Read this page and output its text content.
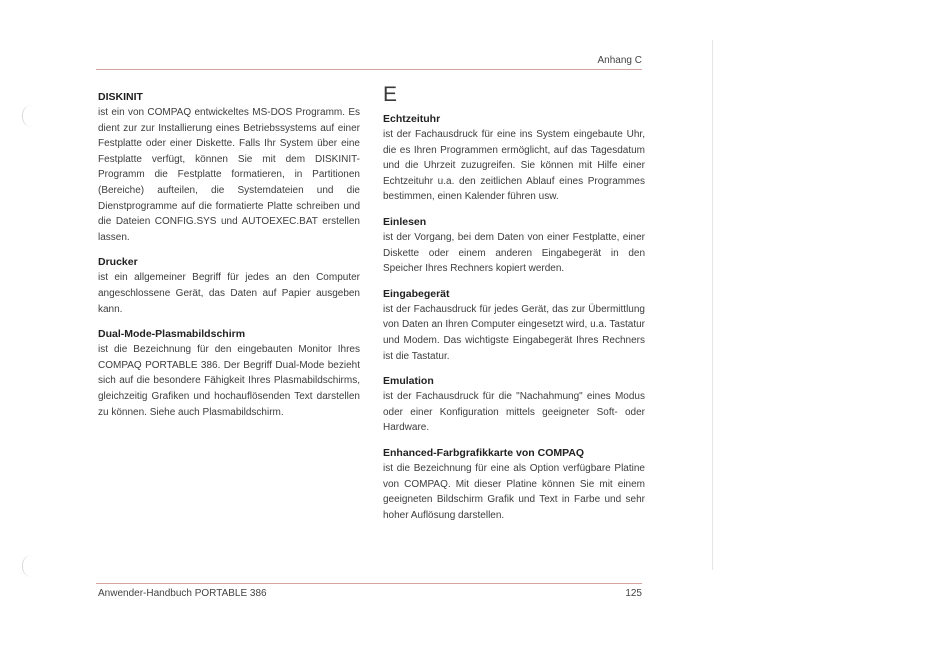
Anhang C

DISKINIT

ist ein von COMPAQ entwickeltes MS-DOS Programm. Es dient zur zur Installierung eines Betriebssystems auf einer Festplatte oder einer Diskette. Falls Ihr System über eine Festplatte verfügt, können Sie mit dem DISKINIT-Programm die Festplatte formatieren, in Partitionen (Bereiche) aufteilen, die Systemdateien und die Dienstprogramme auf die formatierte Platte schreiben und die Dateien CONFIG.SYS und AUTOEXEC.BAT erstellen lassen.

Drucker

ist ein allgemeiner Begriff für jedes an den Computer angeschlossene Gerät, das Daten auf Papier ausgeben kann.

Dual-Mode-Plasmabildschirm

ist die Bezeichnung für den eingebauten Monitor Ihres COMPAQ PORTABLE 386. Der Begriff Dual-Mode bezieht sich auf die besondere Fähigkeit Ihres Plasmabildschirms, gleichzeitig Grafiken und hochauflösenden Text darstellen zu können. Siehe auch Plasmabildschirm.

E

Echtzeituhr

ist der Fachausdruck für eine ins System eingebaute Uhr, die es Ihren Programmen ermöglicht, auf das Tagesdatum und die Uhrzeit zuzugreifen. Sie können mit Hilfe einer Echtzeituhr u.a. den zeitlichen Ablauf eines Programmes bestimmen, einen Kalender führen usw.

Einlesen

ist der Vorgang, bei dem Daten von einer Festplatte, einer Diskette oder einem anderen Eingabegerät in den Speicher Ihres Rechners kopiert werden.

Eingabegerät

ist der Fachausdruck für jedes Gerät, das zur Übermittlung von Daten an Ihren Computer eingesetzt wird, u.a. Tastatur und Modem. Das wichtigste Eingabegerät Ihres Rechners ist die Tastatur.

Emulation

ist der Fachausdruck für die "Nachahmung" eines Modus oder einer Konfiguration mittels geeigneter Soft- oder Hardware.

Enhanced-Farbgrafikkarte von COMPAQ

ist die Bezeichnung für eine als Option verfügbare Platine von COMPAQ. Mit dieser Platine können Sie mit einem geeigneten Bildschirm Grafik und Text in Farbe und sehr hoher Auflösung darstellen.

Anwender-Handbuch PORTABLE 386	125
